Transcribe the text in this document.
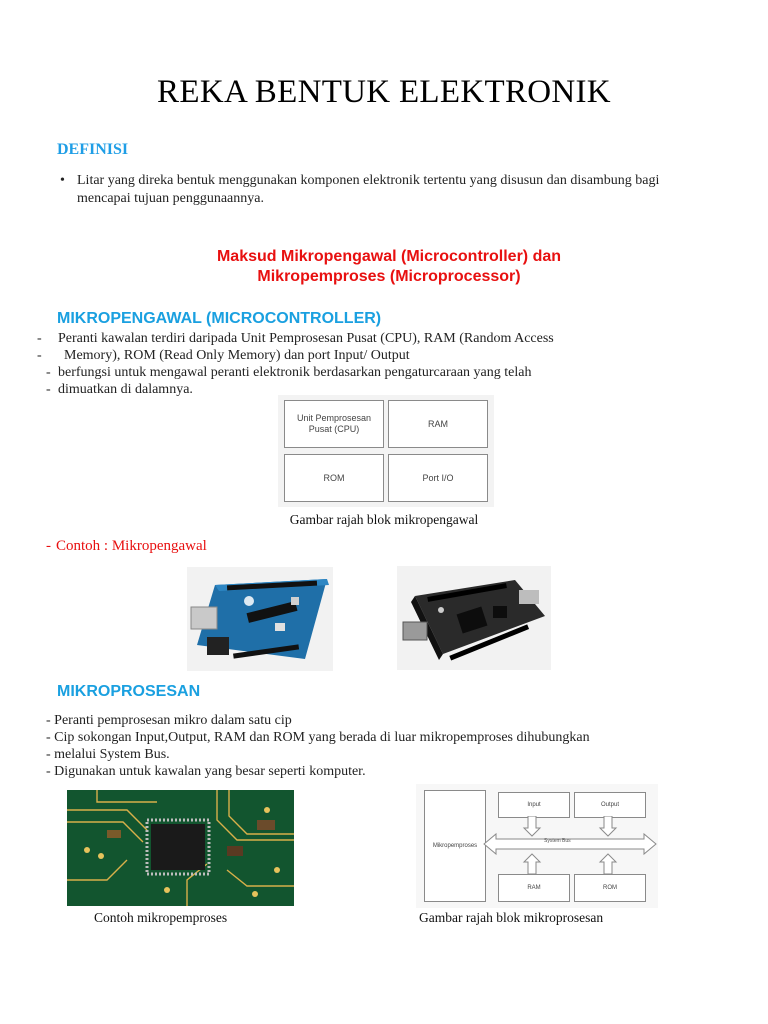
REKA BENTUK ELEKTRONIK
DEFINISI
• Litar yang direka bentuk menggunakan komponen elektronik tertentu yang disusun dan disambung bagi
mencapai tujuan penggunaannya.
Maksud Mikropengawal (Microcontroller) dan
Mikropemproses (Microprocessor)
MIKROPENGAWAL (MICROCONTROLLER)
- Peranti kawalan terdiri daripada Unit Pemprosesan Pusat (CPU), RAM (Random Access
- Memory), ROM (Read Only Memory) dan port Input/ Output
- berfungsi untuk mengawal peranti elektronik berdasarkan pengaturcaraan yang telah
- dimuatkan di dalamnya.
Unit Pemprosesan
Pusat (CPU)
RAM
ROM	Port I/O
Gambar rajah blok mikropengawal
- Contoh : Mikropengawal
MIKROPROSESAN
- Peranti pemprosesan mikro dalam satu cip
- Cip sokongan Input,Output, RAM dan ROM yang berada di luar mikropemproses dihubungkan
- melalui System Bus.
- Digunakan untuk kawalan yang besar seperti komputer.
Contoh mikropemproses
Mikropemproses
Input	Output
System Bus
RAM	ROM
Gambar rajah blok mikroprosesan
